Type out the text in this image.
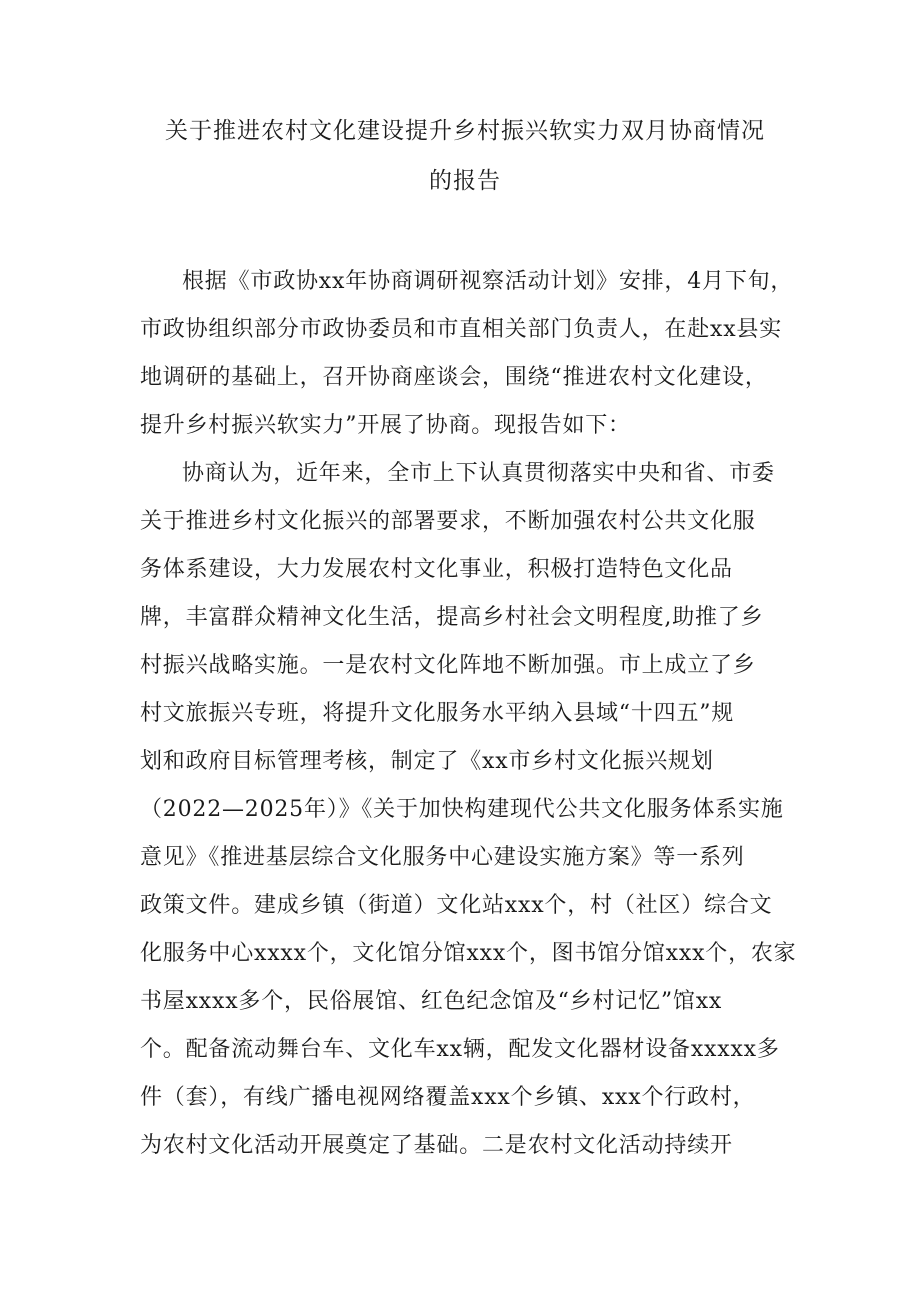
关于推进农村文化建设提升乡村振兴软实力双月协商情况
的报告
根据《市政协xx年协商调研视察活动计划》安排，4月下旬，
市政协组织部分市政协委员和市直相关部门负责人，在赴xx县实
地调研的基础上，召开协商座谈会，围绕“推进农村文化建设，
提升乡村振兴软实力”开展了协商。现报告如下：
协商认为，近年来，全市上下认真贯彻落实中央和省、市委
关于推进乡村文化振兴的部署要求，不断加强农村公共文化服
务体系建设，大力发展农村文化事业，积极打造特色文化品
牌，丰富群众精神文化生活，提高乡村社会文明程度,助推了乡
村振兴战略实施。一是农村文化阵地不断加强。市上成立了乡
村文旅振兴专班，将提升文化服务水平纳入县域“十四五”规
划和政府目标管理考核，制定了《xx市乡村文化振兴规划
（2022—2025年）》《关于加快构建现代公共文化服务体系实施
意见》《推进基层综合文化服务中心建设实施方案》等一系列
政策文件。建成乡镇（街道）文化站xxx个，村（社区）综合文
化服务中心xxxx个，文化馆分馆xxx个，图书馆分馆xxx个，农家
书屋xxxx多个，民俗展馆、红色纪念馆及“乡村记忆”馆xx
个。配备流动舞台车、文化车xx辆，配发文化器材设备xxxxx多
件（套），有线广播电视网络覆盖xxx个乡镇、xxx个行政村，
为农村文化活动开展奠定了基础。二是农村文化活动持续开
